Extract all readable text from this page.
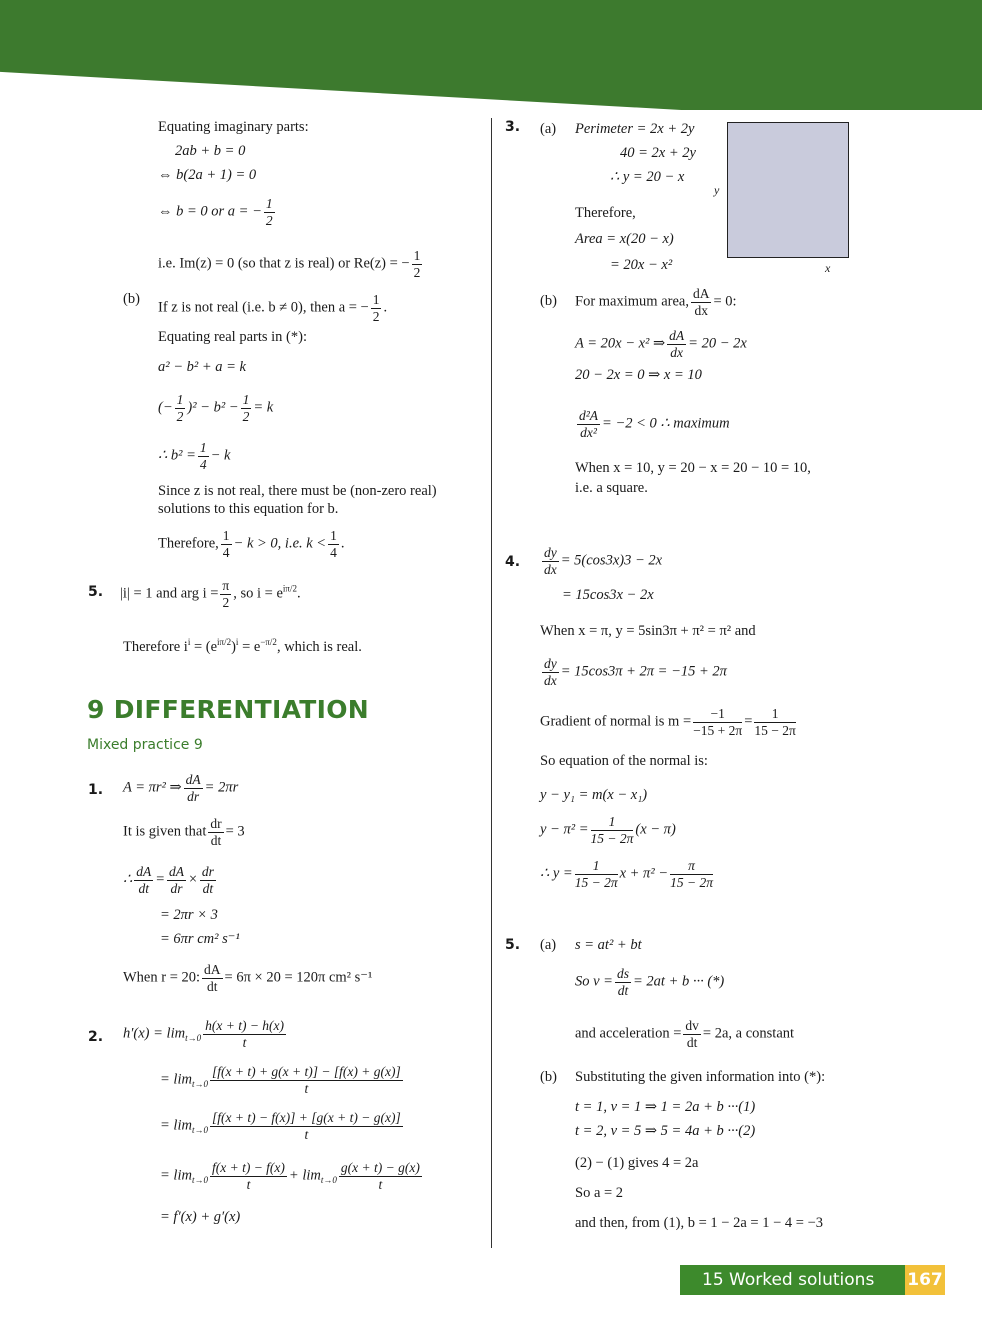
Equating imaginary parts:
2ab + b = 0
⇔ b(2a + 1) = 0
⇔ b = 0 or a = − $\frac{1}{2}$
i.e. Im(z) = 0 (so that z is real) or Re(z) = − $\frac{1}{2}$
(b)
If z is not real (i.e. b ≠ 0), then a = − $\frac{1}{2}$ .
Equating real parts in (*):
a² − b² + a = k
(− $\frac{1}{2} )^2 - b^2 - \frac{1}{2} = k$
∴ $b^2 = \frac{1}{4} - k$
Since z is not real, there must be (non-zero real)
solutions to this equation for b.
Therefore, $\frac{1}{4} - k > 0$, i.e. $k < \frac{1}{4}$ .
5. |i| = 1 and arg $i = \frac{\pi}{2}$ , so $i = e^{i\pi/2}$.
Therefore $i^i = (e^{i\pi/2})^i = e^{-\pi/2}$, which is real.
9 DIFFERENTIATION
Mixed practice 9
1. A = πr² ⇒ $\frac{dA}{dr} = 2\pi r$
It is given that $\frac{dr}{dt} = 3$
∴ $\frac{dA}{dt} = \frac{dA}{dr} \times \frac{dr}{dt}$
= 2πr × 3
= 6πr cm² s⁻¹
When r = 20: $\frac{dA}{dt} = 6\pi \times 20 = 120\pi$ cm² s⁻¹
2. $h'(x) = \lim_{t\to 0} \frac{h(x + t) - h(x)}{t}$
= $\lim_{t\to 0} \frac{[f(x + t) + g(x + t)] - [f(x) + g(x)]}{t}$
= $\lim_{t\to 0} \frac{[f(x + t) - f(x)] + [g(x + t) - g(x)]}{t}$
= $\lim_{t\to 0} \frac{f(x + t) - f(x)}{t} + \lim_{t\to 0} \frac{g(x + t) - g(x)}{t}$
= f′(x) + g′(x)
3. (a) Perimeter = 2x + 2y
40 = 2x + 2y
∴ y = 20 − x
Therefore,
Area = x(20 − x)
= 20x − x²
y
x
(b) For maximum area, $\frac{dA}{dx} = 0$:
A = 20x − x² ⇒ $\frac{dA}{dx} = 20 - 2x$
20 − 2x = 0 ⇒ x = 10
$\frac{\text{d²A}}{\text{dx²}} = -2 < 0$ ∴ maximum
When x = 10, y = 20 − x = 20 − 10 = 10,
i.e. a square.
4. $\frac{dy}{dx} = 5(\cos 3x)3 - 2x$
= 15cos3x − 2x
When x = π, y = 5sin3π + π² = π² and
$\frac{dy}{dx} = 15\cos 3\pi + 2\pi = -15 + 2\pi$
Gradient of normal is $m = \frac{-1}{-15 + 2\pi} = \frac{1}{15 - 2\pi}$
So equation of the normal is:
y − y₁ = m(x − x₁)
$y - \pi^2 = \frac{1}{15 - 2\pi} (x - \pi)$
∴ $y = \frac{1}{15 - 2\pi}$ $x + \pi^2 - \frac{\pi}{15 - 2\pi}$
5. (a) s = at² + bt
So $v = \frac{ds}{dt} = 2at + b$ ··· (*)
and acceleration = $\frac{dv}{dt} = 2a$, a constant
(b) Substituting the given information into (*):
t = 1, v = 1 ⇒ 1 = 2a + b ···(1)
t = 2, v = 5 ⇒ 5 = 4a + b ···(2)
(2) − (1) gives 4 = 2a
So a = 2
and then, from (1), b = 1 − 2a = 1 − 4 = −3
15 Worked solutions	167
